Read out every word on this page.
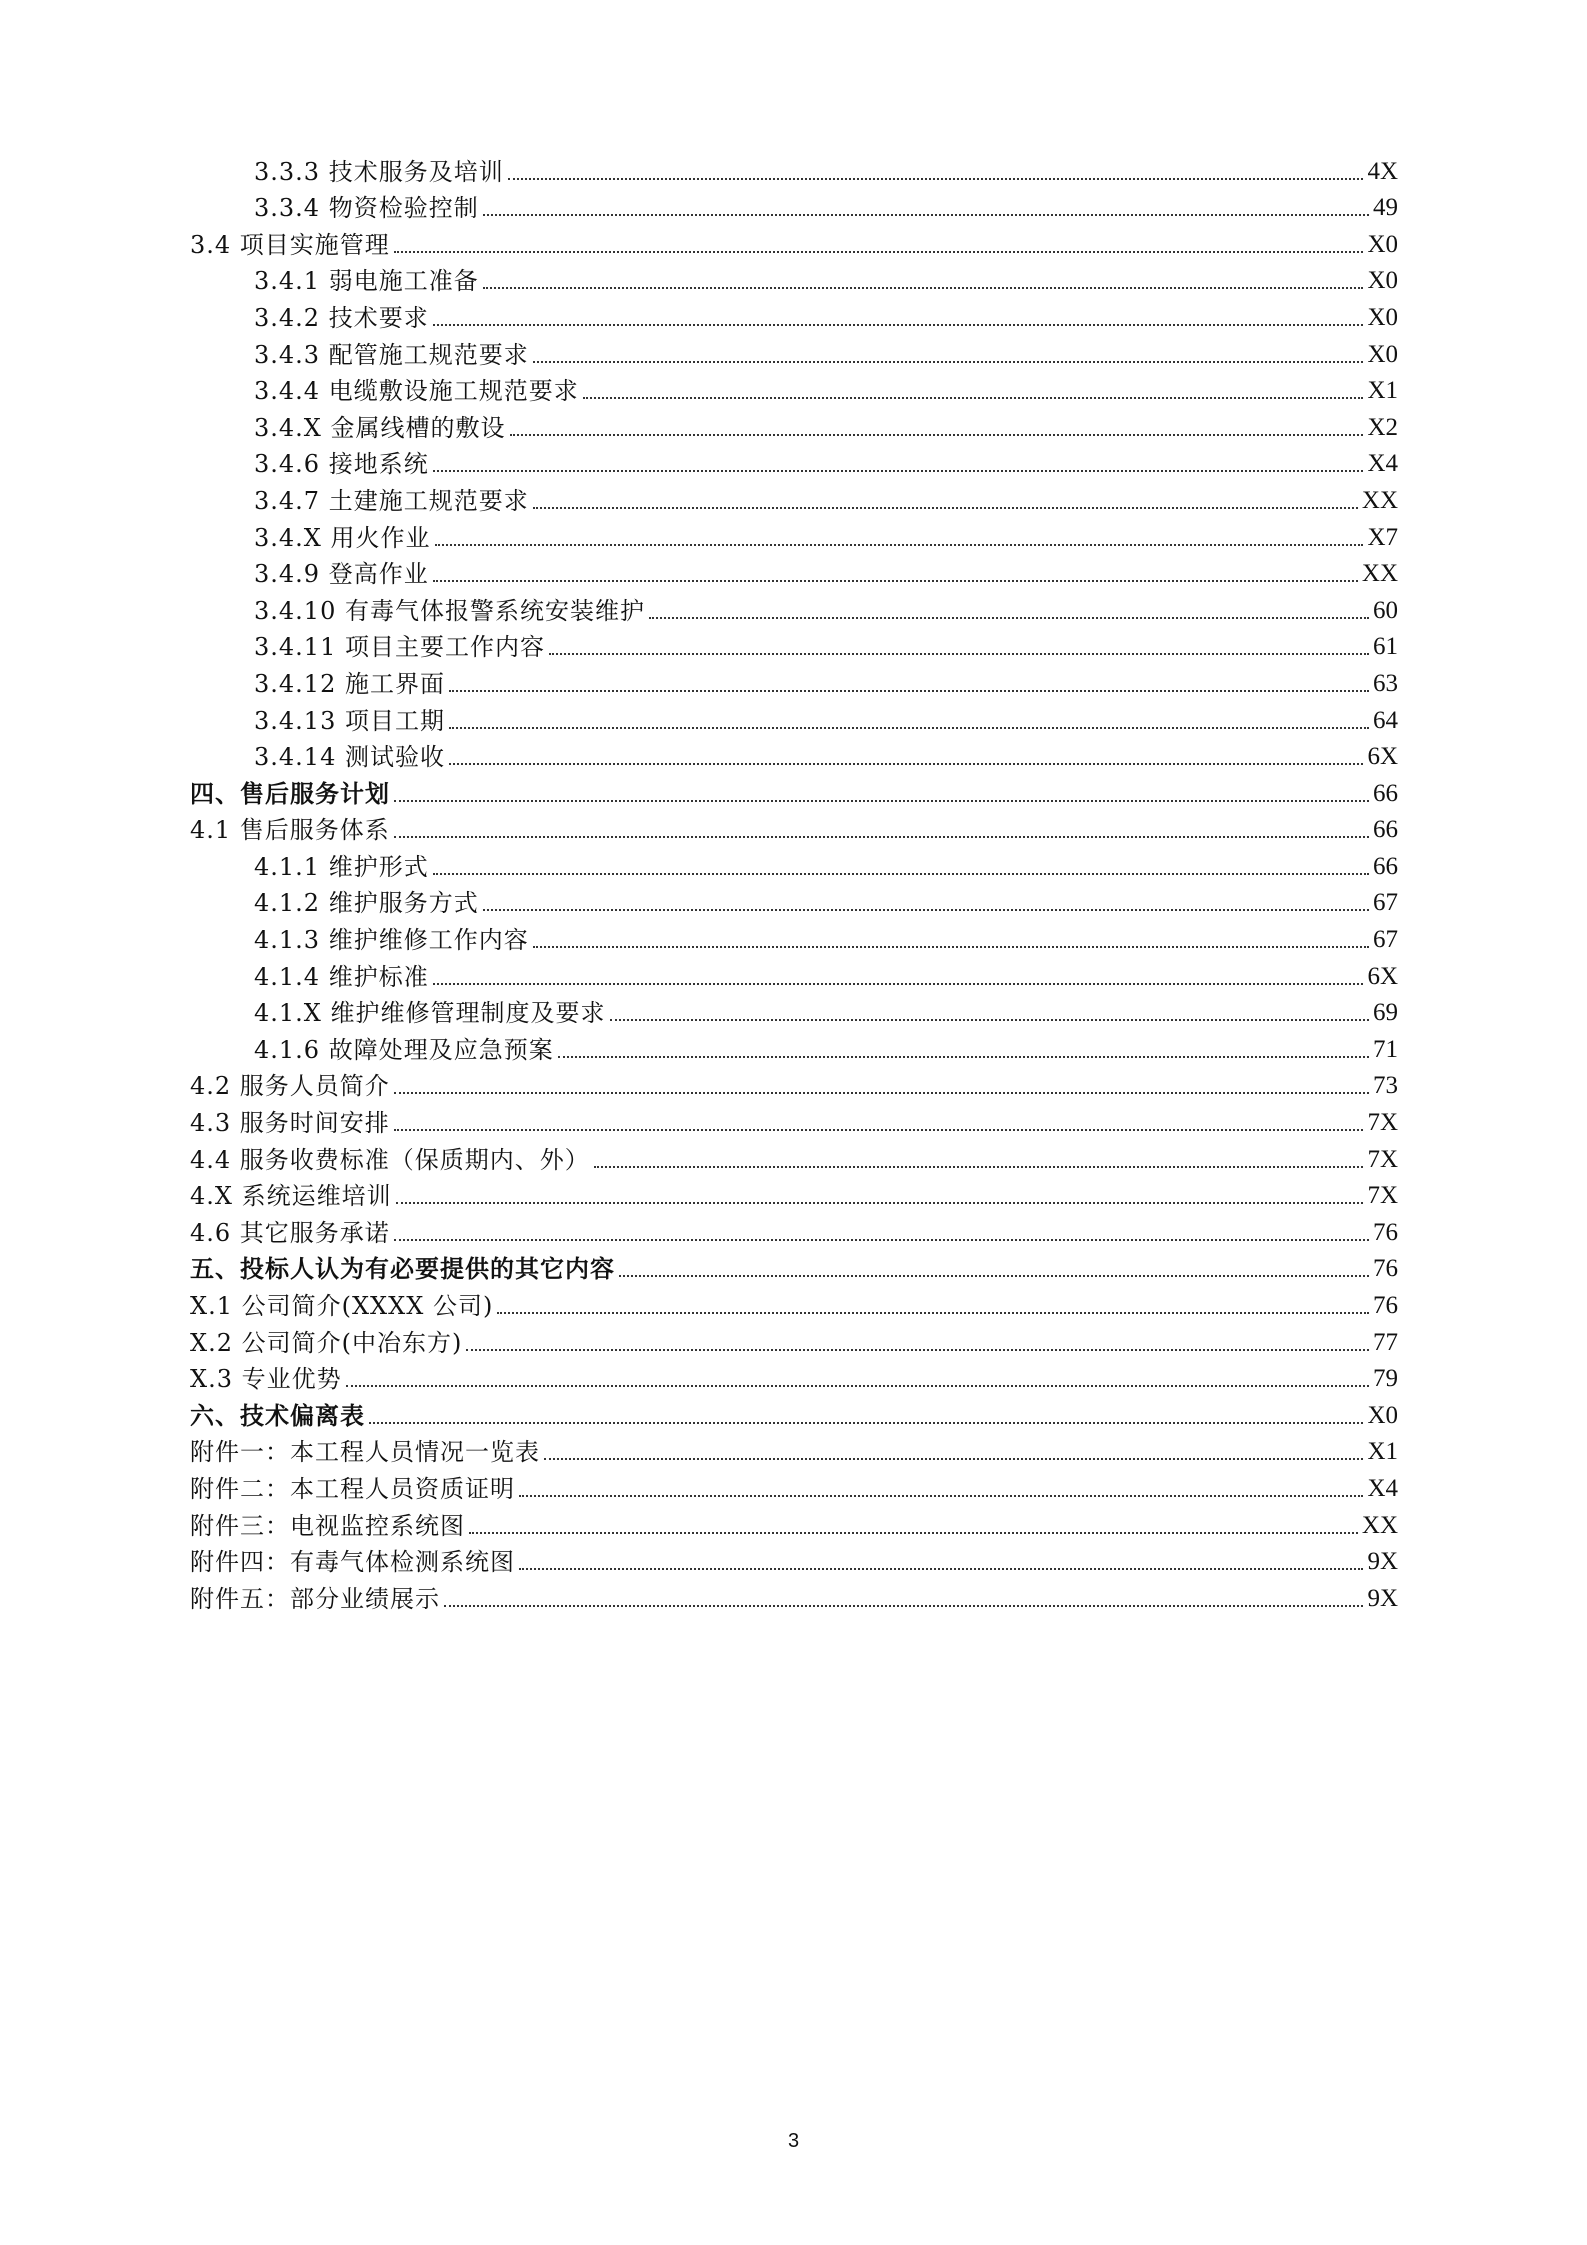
3.3.3 技术服务及培训	4X
3.3.4 物资检验控制	49
3.4 项目实施管理	X0
3.4.1 弱电施工准备	X0
3.4.2 技术要求	X0
3.4.3 配管施工规范要求	X0
3.4.4 电缆敷设施工规范要求	X1
3.4.X 金属线槽的敷设	X2
3.4.6 接地系统	X4
3.4.7 土建施工规范要求	XX
3.4.X 用火作业	X7
3.4.9 登高作业	XX
3.4.10 有毒气体报警系统安装维护	60
3.4.11 项目主要工作内容	61
3.4.12 施工界面	63
3.4.13 项目工期	64
3.4.14 测试验收	6X
四、售后服务计划	66
4.1 售后服务体系	66
4.1.1 维护形式	66
4.1.2 维护服务方式	67
4.1.3 维护维修工作内容	67
4.1.4 维护标准	6X
4.1.X 维护维修管理制度及要求	69
4.1.6 故障处理及应急预案	71
4.2 服务人员简介	73
4.3 服务时间安排	7X
4.4 服务收费标准（保质期内、外）	7X
4.X 系统运维培训	7X
4.6 其它服务承诺	76
五、投标人认为有必要提供的其它内容	76
X.1 公司简介(XXXX 公司)	76
X.2 公司简介(中冶东方)	77
X.3 专业优势	79
六、技术偏离表	X0
附件一：本工程人员情况一览表	X1
附件二：本工程人员资质证明	X4
附件三：电视监控系统图	XX
附件四：有毒气体检测系统图	9X
附件五：部分业绩展示	9X
3
